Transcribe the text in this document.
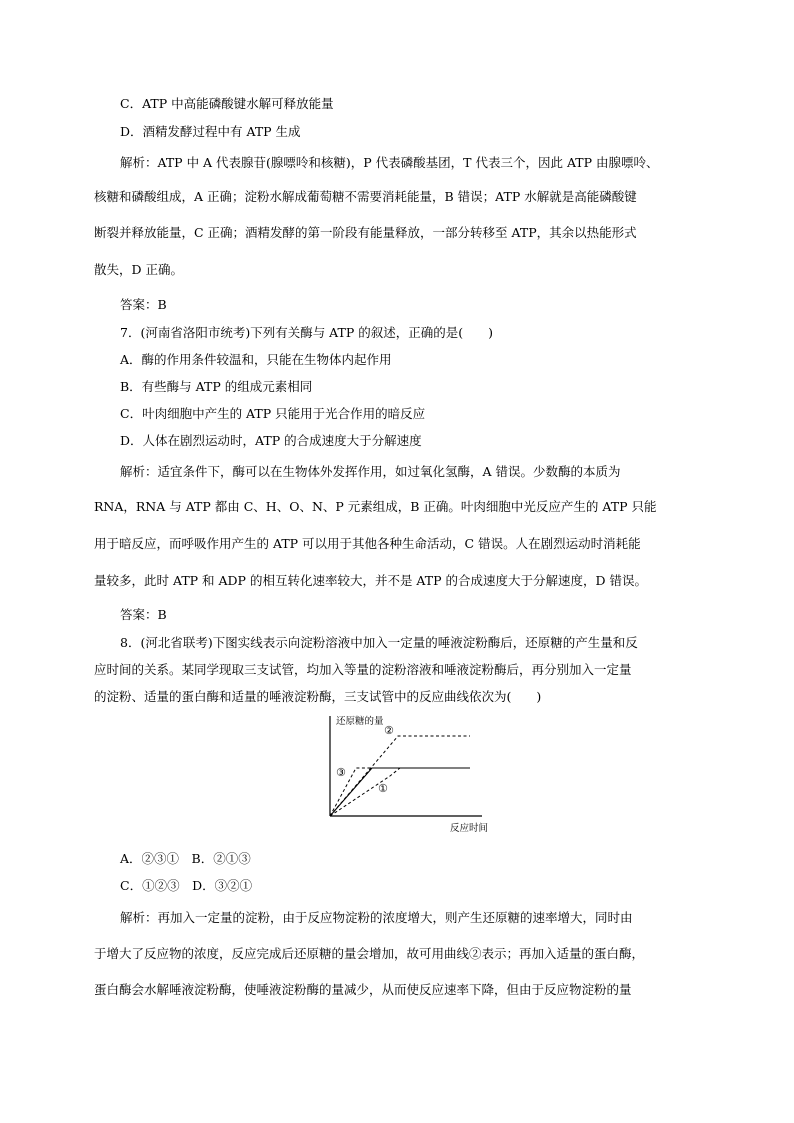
C．ATP 中高能磷酸键水解可释放能量
D．酒精发酵过程中有 ATP 生成
解析：ATP 中 A 代表腺苷(腺嘌呤和核糖)，P 代表磷酸基团，T 代表三个，因此 ATP 由腺嘌呤、
核糖和磷酸组成，A 正确；淀粉水解成葡萄糖不需要消耗能量，B 错误；ATP 水解就是高能磷酸键
断裂并释放能量，C 正确；酒精发酵的第一阶段有能量释放，一部分转移至 ATP，其余以热能形式
散失，D 正确。
答案：B
7．(河南省洛阳市统考)下列有关酶与 ATP 的叙述，正确的是(　　)
A．酶的作用条件较温和，只能在生物体内起作用
B．有些酶与 ATP 的组成元素相同
C．叶肉细胞中产生的 ATP 只能用于光合作用的暗反应
D．人体在剧烈运动时，ATP 的合成速度大于分解速度
解析：适宜条件下，酶可以在生物体外发挥作用，如过氧化氢酶，A 错误。少数酶的本质为
RNA，RNA 与 ATP 都由 C、H、O、N、P 元素组成，B 正确。叶肉细胞中光反应产生的 ATP 只能
用于暗反应，而呼吸作用产生的 ATP 可以用于其他各种生命活动，C 错误。人在剧烈运动时消耗能
量较多，此时 ATP 和 ADP 的相互转化速率较大，并不是 ATP 的合成速度大于分解速度，D 错误。
答案：B
8．(河北省联考)下图实线表示向淀粉溶液中加入一定量的唾液淀粉酶后，还原糖的产生量和反
应时间的关系。某同学现取三支试管，均加入等量的淀粉溶液和唾液淀粉酶后，再分别加入一定量
的淀粉、适量的蛋白酶和适量的唾液淀粉酶，三支试管中的反应曲线依次为(　　)
还原糖的量
反应时间
②
③
①
A．②③①　B．②①③
C．①②③　D．③②①
解析：再加入一定量的淀粉，由于反应物淀粉的浓度增大，则产生还原糖的速率增大，同时由
于增大了反应物的浓度，反应完成后还原糖的量会增加，故可用曲线②表示；再加入适量的蛋白酶，
蛋白酶会水解唾液淀粉酶，使唾液淀粉酶的量减少，从而使反应速率下降，但由于反应物淀粉的量
